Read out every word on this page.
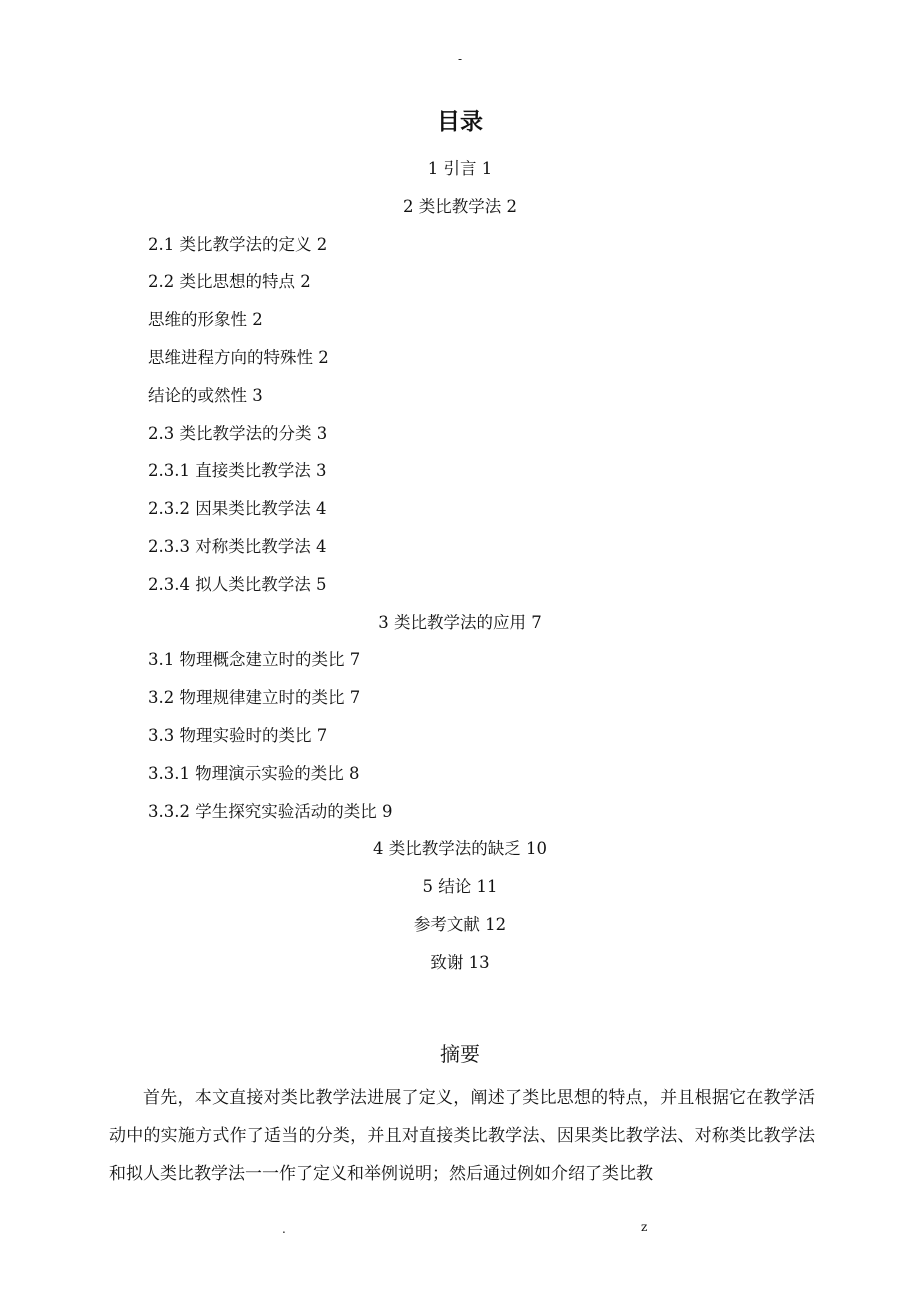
-
目录
1 引言 1
2 类比教学法 2
2.1 类比教学法的定义 2
2.2 类比思想的特点 2
思维的形象性 2
思维进程方向的特殊性 2
结论的或然性 3
2.3 类比教学法的分类 3
2.3.1 直接类比教学法 3
2.3.2 因果类比教学法 4
2.3.3 对称类比教学法 4
2.3.4 拟人类比教学法 5
3 类比教学法的应用 7
3.1 物理概念建立时的类比 7
3.2 物理规律建立时的类比 7
3.3 物理实验时的类比 7
3.3.1 物理演示实验的类比 8
3.3.2 学生探究实验活动的类比 9
4 类比教学法的缺乏 10
5 结论 11
参考文献 12
致谢 13
摘要

首先，本文直接对类比教学法进展了定义，阐述了类比思想的特点，并且根据它在教学活动中的实施方式作了适当的分类，并且对直接类比教学法、因果类比教学法、对称类比教学法和拟人类比教学法一一作了定义和举例说明；然后通过例如介绍了类比教

.	z
